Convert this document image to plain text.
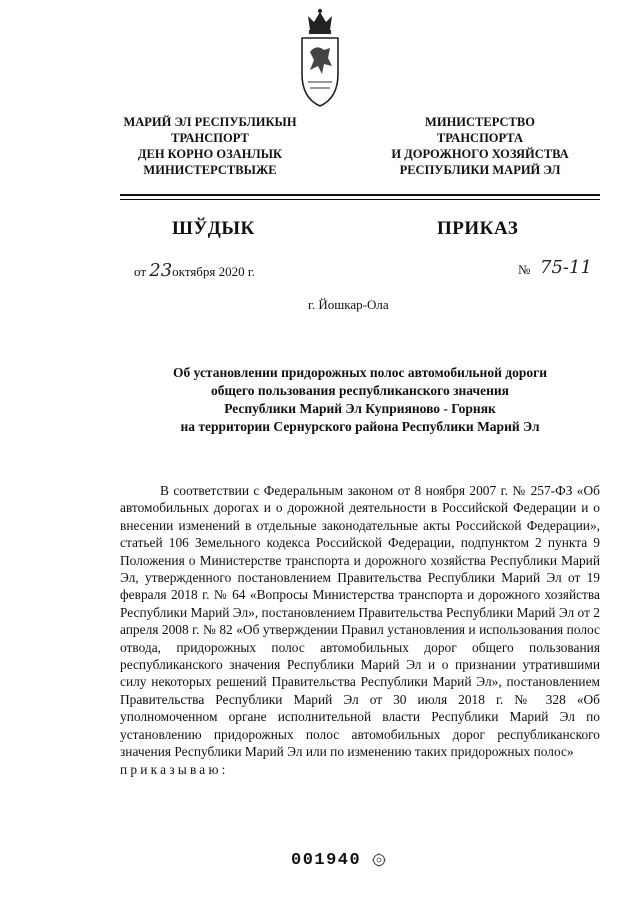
МАРИЙ ЭЛ РЕСПУБЛИКЫН
ТРАНСПОРТ
ДЕН КОРНО ОЗАНЛЫК
МИНИСТЕРСТВЫЖЕ
МИНИСТЕРСТВО
ТРАНСПОРТА
И ДОРОЖНОГО ХОЗЯЙСТВА
РЕСПУБЛИКИ МАРИЙ ЭЛ
ШЎДЫК	ПРИКАЗ
от 23октября 2020 г.	№ 75-11
г. Йошкар-Ола
Об установлении придорожных полос автомобильной дороги
общего пользования республиканского значения
Республики Марий Эл Куприяново - Горняк
на территории Сернурского района Республики Марий Эл

В соответствии с Федеральным законом от 8 ноября 2007 г. № 257-ФЗ «Об автомобильных дорогах и о дорожной деятельности в Российской Федерации и о внесении изменений в отдельные законодательные акты Российской Федерации», статьей 106 Земельного кодекса Российской Федерации, подпунктом 2 пункта 9 Положения о Министерстве транспорта и дорожного хозяйства Республики Марий Эл, утвержденного постановлением Правительства Республики Марий Эл от 19 февраля 2018 г. № 64 «Вопросы Министерства транспорта и дорожного хозяйства Республики Марий Эл», постановлением Правительства Республики Марий Эл от 2 апреля 2008 г. № 82 «Об утверждении Правил установления и использования полос отвода, придорожных полос автомобильных дорог общего пользования республиканского значения Республики Марий Эл и о признании утратившими силу некоторых решений Правительства Республики Марий Эл», постановлением Правительства Республики Марий Эл от 30 июля 2018 г. № 328 «Об уполномоченном органе исполнительной власти Республики Марий Эл по установлению придорожных полос автомобильных дорог республиканского значения Республики Марий Эл или по изменению таких придорожных полос»

приказываю:
001940
